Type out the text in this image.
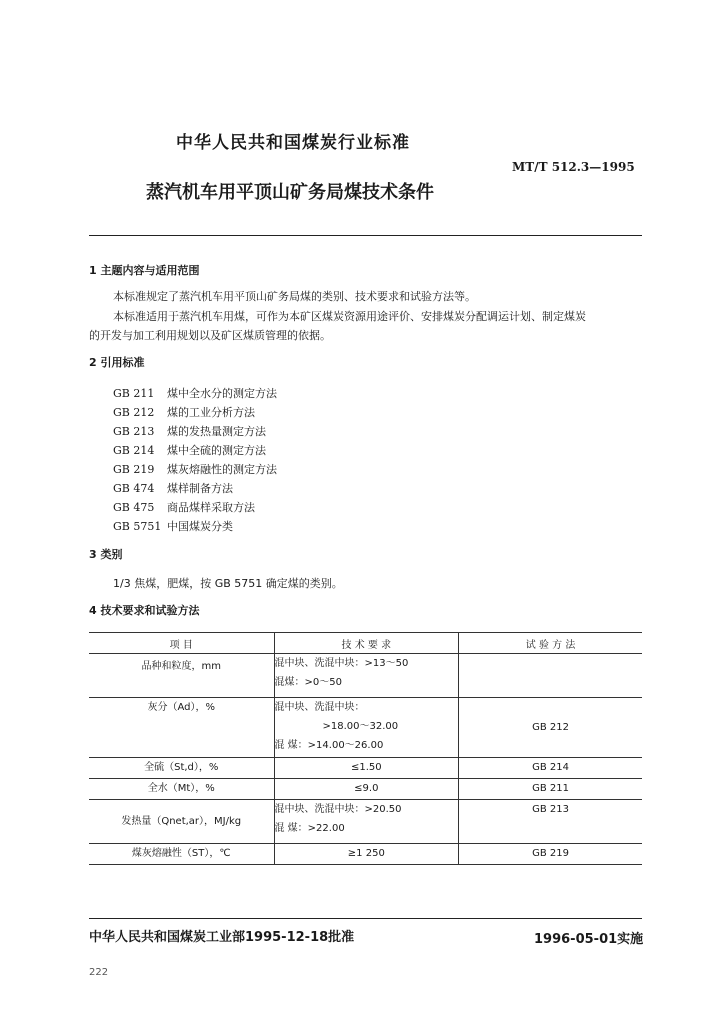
中华人民共和国煤炭行业标准
MT/T 512.3—1995
蒸汽机车用平顶山矿务局煤技术条件
1 主题内容与适用范围
本标准规定了蒸汽机车用平顶山矿务局煤的类别、技术要求和试验方法等。
本标准适用于蒸汽机车用煤，可作为本矿区煤炭资源用途评价、安排煤炭分配调运计划、制定煤炭
的开发与加工利用规划以及矿区煤质管理的依据。
2 引用标准
GB 211 煤中全水分的测定方法
GB 212 煤的工业分析方法
GB 213 煤的发热量测定方法
GB 214 煤中全硫的测定方法
GB 219 煤灰熔融性的测定方法
GB 474 煤样制备方法
GB 475 商品煤样采取方法
GB 5751 中国煤炭分类
3 类别
1/3 焦煤，肥煤，按 GB 5751 确定煤的类别。
4 技术要求和试验方法
项 目	技 术 要 求	试 验 方 法

品种和粒度，mm	混中块、洗混中块：>13～50
混煤：>0～50	

灰分（Ad），%	混中块、洗混中块：
>18.00～32.00
混 煤：>14.00～26.00	GB 212

全硫（St,d），%	≤1.50	GB 214

全水（Mt），%	≤9.0	GB 211

发热量（Qnet,ar），MJ/kg	混中块、洗混中块：>20.50
混 煤：>22.00	GB 213

煤灰熔融性（ST），℃	≥1 250	GB 219
中华人民共和国煤炭工业部1995-12-18批准	1996-05-01实施
222
